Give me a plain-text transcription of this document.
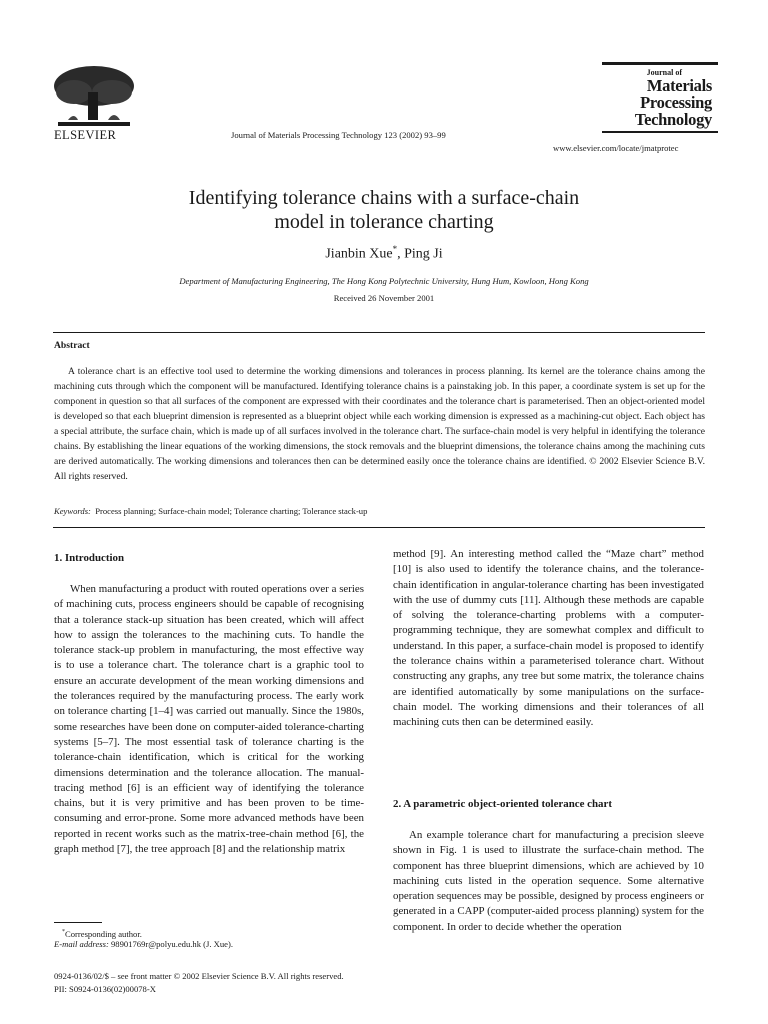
ELSEVIER	Journal of Materials Processing Technology 123 (2002) 93–99
Journal of
Materials
Processing
Technology
www.elsevier.com/locate/jmatprotec
Identifying tolerance chains with a surface-chain
model in tolerance charting
Jianbin Xue*, Ping Ji
Department of Manufacturing Engineering, The Hong Kong Polytechnic University, Hung Hum, Kowloon, Hong Kong
Received 26 November 2001
Abstract

A tolerance chart is an effective tool used to determine the working dimensions and tolerances in process planning. Its kernel are the tolerance chains among the machining cuts through which the component will be manufactured. Identifying tolerance chains is a painstaking job. In this paper, a coordinate system is set up for the component in question so that all surfaces of the component are expressed with their coordinates and the tolerance chart is parameterised. Then an object-oriented model is developed so that each blueprint dimension is represented as a blueprint object while each working dimension is expressed as a machining-cut object. Each object has a special attribute, the surface chain, which is made up of all surfaces involved in the tolerance chart. The surface-chain model is very helpful in identifying the tolerance chains. By establishing the linear equations of the working dimensions, the stock removals and the blueprint dimensions, the tolerance chains among the machining cuts are derived automatically. The working dimensions and tolerances then can be determined easily once the tolerance chains are identified. © 2002 Elsevier Science B.V. All rights reserved.

Keywords: Process planning; Surface-chain model; Tolerance charting; Tolerance stack-up
1. Introduction

When manufacturing a product with routed operations over a series of machining cuts, process engineers should be capable of recognising that a tolerance stack-up situation has been created, which will affect how to assign the tolerances to the machining cuts. To handle the tolerance stack-up problem in manufacturing, the most effective way is to use a tolerance chart. The tolerance chart is a graphic tool to ensure an accurate development of the mean working dimensions and the tolerances required by the manufacturing process. The early work on tolerance charting [1–4] was carried out manually. Since the 1980s, some researches have been done on computer-aided tolerance-charting systems [5–7]. The most essential task of tolerance charting is the tolerance-chain identification, which is critical for the working dimensions determination and the tolerance allocation. The manual-tracing method [6] is an efficient way of identifying the tolerance chains, but it is very primitive and has been proven to be time-consuming and error-prone. Some more advanced methods have been reported in recent works such as the matrix-tree-chain method [6], the graph method [7], the tree approach [8] and the relationship matrix

method [9]. An interesting method called the “Maze chart” method [10] is also used to identify the tolerance chains, and the tolerance-chain identification in angular-tolerance charting has been investigated with the use of dummy cuts [11]. Although these methods are capable of solving the tolerance-charting problems with a computer-programming technique, they are somewhat complex and difficult to understand. In this paper, a surface-chain model is proposed to identify the tolerance chains within a parameterised tolerance chart. Without constructing any graphs, any tree but some matrix, the tolerance chains are identified automatically by some manipulations on the surface-chain model. The working dimensions and their tolerances of all machining cuts then can be determined easily.

2. A parametric object-oriented tolerance chart

An example tolerance chart for manufacturing a precision sleeve shown in Fig. 1 is used to illustrate the surface-chain method. The component has three blueprint dimensions, which are achieved by 10 machining cuts listed in the operation sequence. Some alternative operation sequences may be possible, designed by process engineers or generated in a CAPP (computer-aided process planning) system for the component. In order to decide whether the operation

*Corresponding author.
E-mail address: 98901769r@polyu.edu.hk (J. Xue).
0924-0136/02/$ – see front matter © 2002 Elsevier Science B.V. All rights reserved.
PII: S0924-0136(02)00078-X
